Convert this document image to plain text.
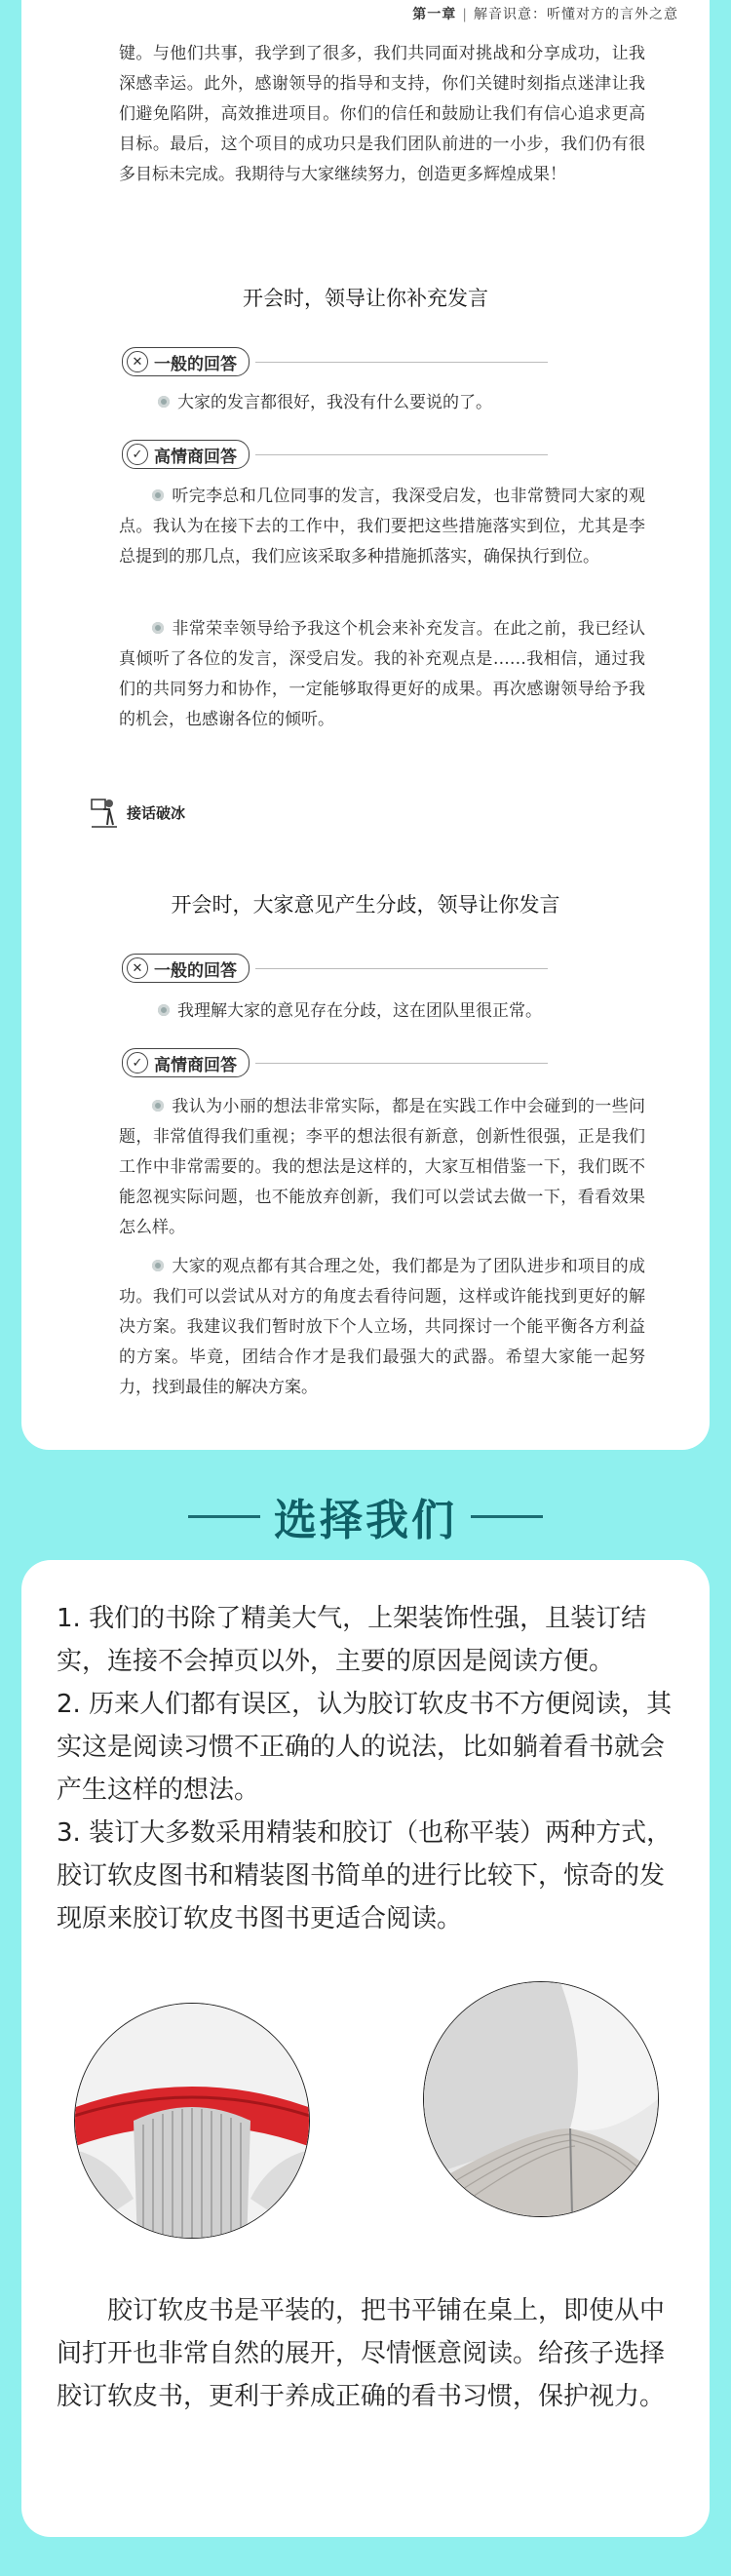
第一章 | 解音识意：听懂对方的言外之意
键。与他们共事，我学到了很多，我们共同面对挑战和分享成功，让我深感幸运。此外，感谢领导的指导和支持，你们关键时刻指点迷津让我们避免陷阱，高效推进项目。你们的信任和鼓励让我们有信心追求更高目标。最后，这个项目的成功只是我们团队前进的一小步，我们仍有很多目标未完成。我期待与大家继续努力，创造更多辉煌成果！
开会时，领导让你补充发言
✕ 一般的回答
大家的发言都很好，我没有什么要说的了。
✓ 高情商回答
听完李总和几位同事的发言，我深受启发，也非常赞同大家的观点。我认为在接下去的工作中，我们要把这些措施落实到位，尤其是李总提到的那几点，我们应该采取多种措施抓落实，确保执行到位。
非常荣幸领导给予我这个机会来补充发言。在此之前，我已经认真倾听了各位的发言，深受启发。我的补充观点是……我相信，通过我们的共同努力和协作，一定能够取得更好的成果。再次感谢领导给予我的机会，也感谢各位的倾听。
接话破冰
开会时，大家意见产生分歧，领导让你发言
✕ 一般的回答
我理解大家的意见存在分歧，这在团队里很正常。
✓ 高情商回答
我认为小丽的想法非常实际，都是在实践工作中会碰到的一些问题，非常值得我们重视；李平的想法很有新意，创新性很强，正是我们工作中非常需要的。我的想法是这样的，大家互相借鉴一下，我们既不能忽视实际问题，也不能放弃创新，我们可以尝试去做一下，看看效果怎么样。
大家的观点都有其合理之处，我们都是为了团队进步和项目的成功。我们可以尝试从对方的角度去看待问题，这样或许能找到更好的解决方案。我建议我们暂时放下个人立场，共同探讨一个能平衡各方利益的方案。毕竟，团结合作才是我们最强大的武器。希望大家能一起努力，找到最佳的解决方案。
选择我们
1. 我们的书除了精美大气，上架装饰性强，且装订结实，连接不会掉页以外，主要的原因是阅读方便。
2. 历来人们都有误区，认为胶订软皮书不方便阅读，其实这是阅读习惯不正确的人的说法，比如躺着看书就会产生这样的想法。
3. 装订大多数采用精装和胶订（也称平装）两种方式，胶订软皮图书和精装图书简单的进行比较下，惊奇的发现原来胶订软皮书图书更适合阅读。
胶订软皮书是平装的，把书平铺在桌上，即使从中间打开也非常自然的展开，尽情惬意阅读。给孩子选择胶订软皮书，更利于养成正确的看书习惯，保护视力。
